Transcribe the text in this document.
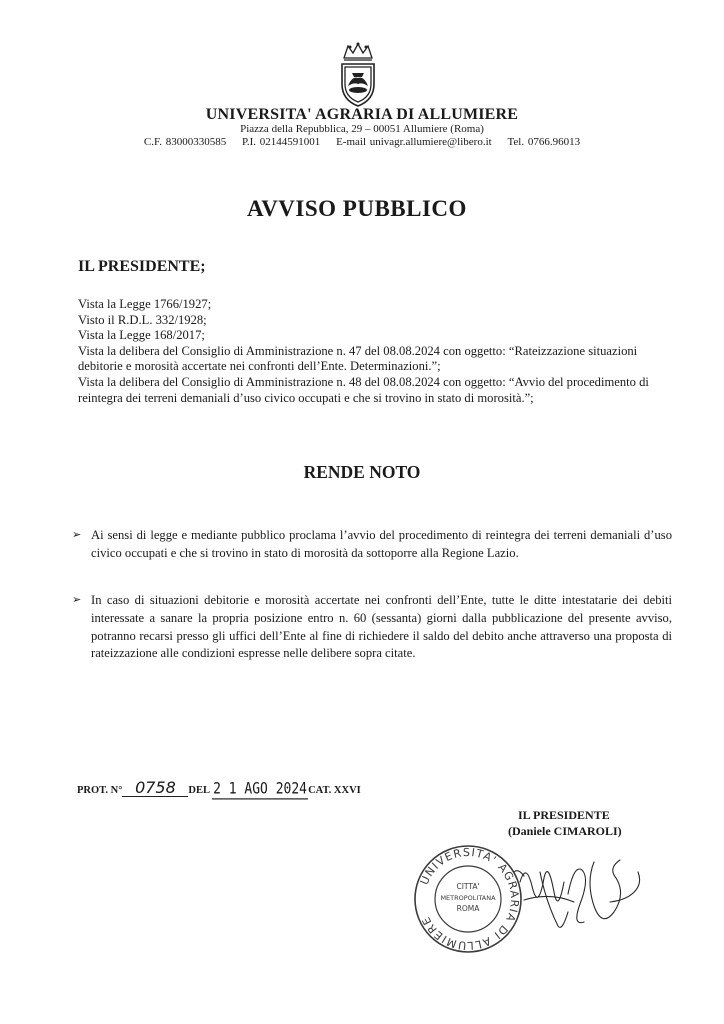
UNIVERSITA' AGRARIA DI ALLUMIERE
Piazza della Repubblica, 29 – 00051 Allumiere (Roma)
C.F. 83000330585 P.I. 02144591001 E-mail univagr.allumiere@libero.it Tel. 0766.96013
AVVISO PUBBLICO
IL PRESIDENTE;

Vista la Legge 1766/1927;

Visto il R.D.L. 332/1928;

Vista la Legge 168/2017;

Vista la delibera del Consiglio di Amministrazione n. 47 del 08.08.2024 con oggetto: “Rateizzazione situazioni debitorie e morosità accertate nei confronti dell’Ente. Determinazioni.”;

Vista la delibera del Consiglio di Amministrazione n. 48 del 08.08.2024 con oggetto: “Avvio del procedimento di reintegra dei terreni demaniali d’uso civico occupati e che si trovino in stato di morosità.”;

RENDE NOTO
➢ Ai sensi di legge e mediante pubblico proclama l’avvio del procedimento di reintegra dei terreni demaniali d’uso civico occupati e che si trovino in stato di morosità da sottoporre alla Regione Lazio.
➢ In caso di situazioni debitorie e morosità accertate nei confronti dell’Ente, tutte le ditte intestatarie dei debiti interessate a sanare la propria posizione entro n. 60 (sessanta) giorni dalla pubblicazione del presente avviso, potranno recarsi presso gli uffici dell’Ente al fine di richiedere il saldo del debito anche attraverso una proposta di rateizzazione alle condizioni espresse nelle delibere sopra citate.
PROT. N° 0758 DEL 2 1 AGO 2024CAT. XXVI
IL PRESIDENTE
(Daniele CIMAROLI)
UNIVERSITA' AGRARIA DI ALLUMIERE
CITTA'
METROPOLITANA
ROMA
